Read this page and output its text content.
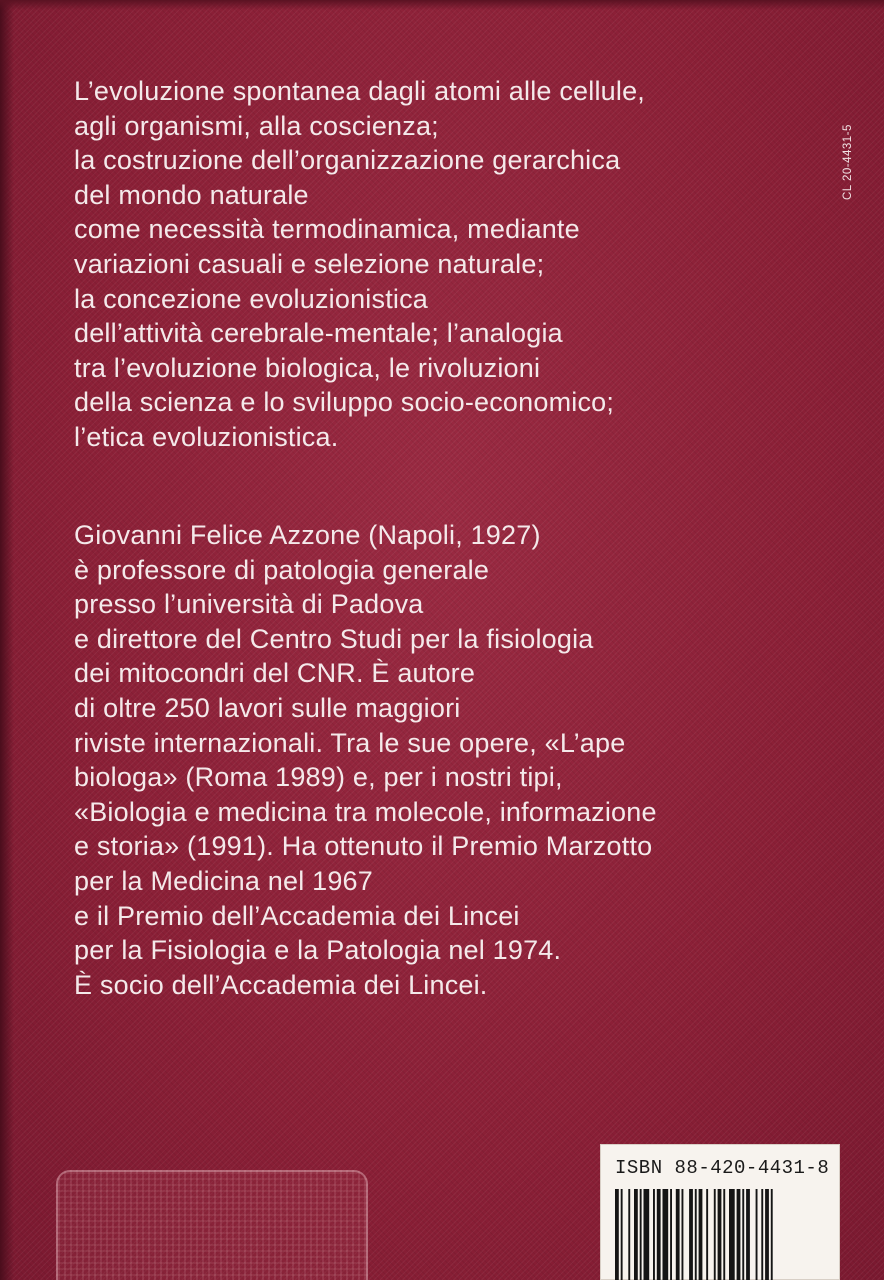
CL 20-4431-5
L’evoluzione spontanea dagli atomi alle cellule,
agli organismi, alla coscienza;
la costruzione dell’organizzazione gerarchica
del mondo naturale
come necessità termodinamica, mediante
variazioni casuali e selezione naturale;
la concezione evoluzionistica
dell’attività cerebrale-mentale; l’analogia
tra l’evoluzione biologica, le rivoluzioni
della scienza e lo sviluppo socio-economico;
l’etica evoluzionistica.
Giovanni Felice Azzone (Napoli, 1927)
è professore di patologia generale
presso l’università di Padova
e direttore del Centro Studi per la fisiologia
dei mitocondri del CNR. È autore
di oltre 250 lavori sulle maggiori
riviste internazionali. Tra le sue opere, «L’ape
biologa» (Roma 1989) e, per i nostri tipi,
«Biologia e medicina tra molecole, informazione
e storia» (1991). Ha ottenuto il Premio Marzotto
per la Medicina nel 1967
e il Premio dell’Accademia dei Lincei
per la Fisiologia e la Patologia nel 1974.
È socio dell’Accademia dei Lincei.
ISBN 88-420-4431-8
